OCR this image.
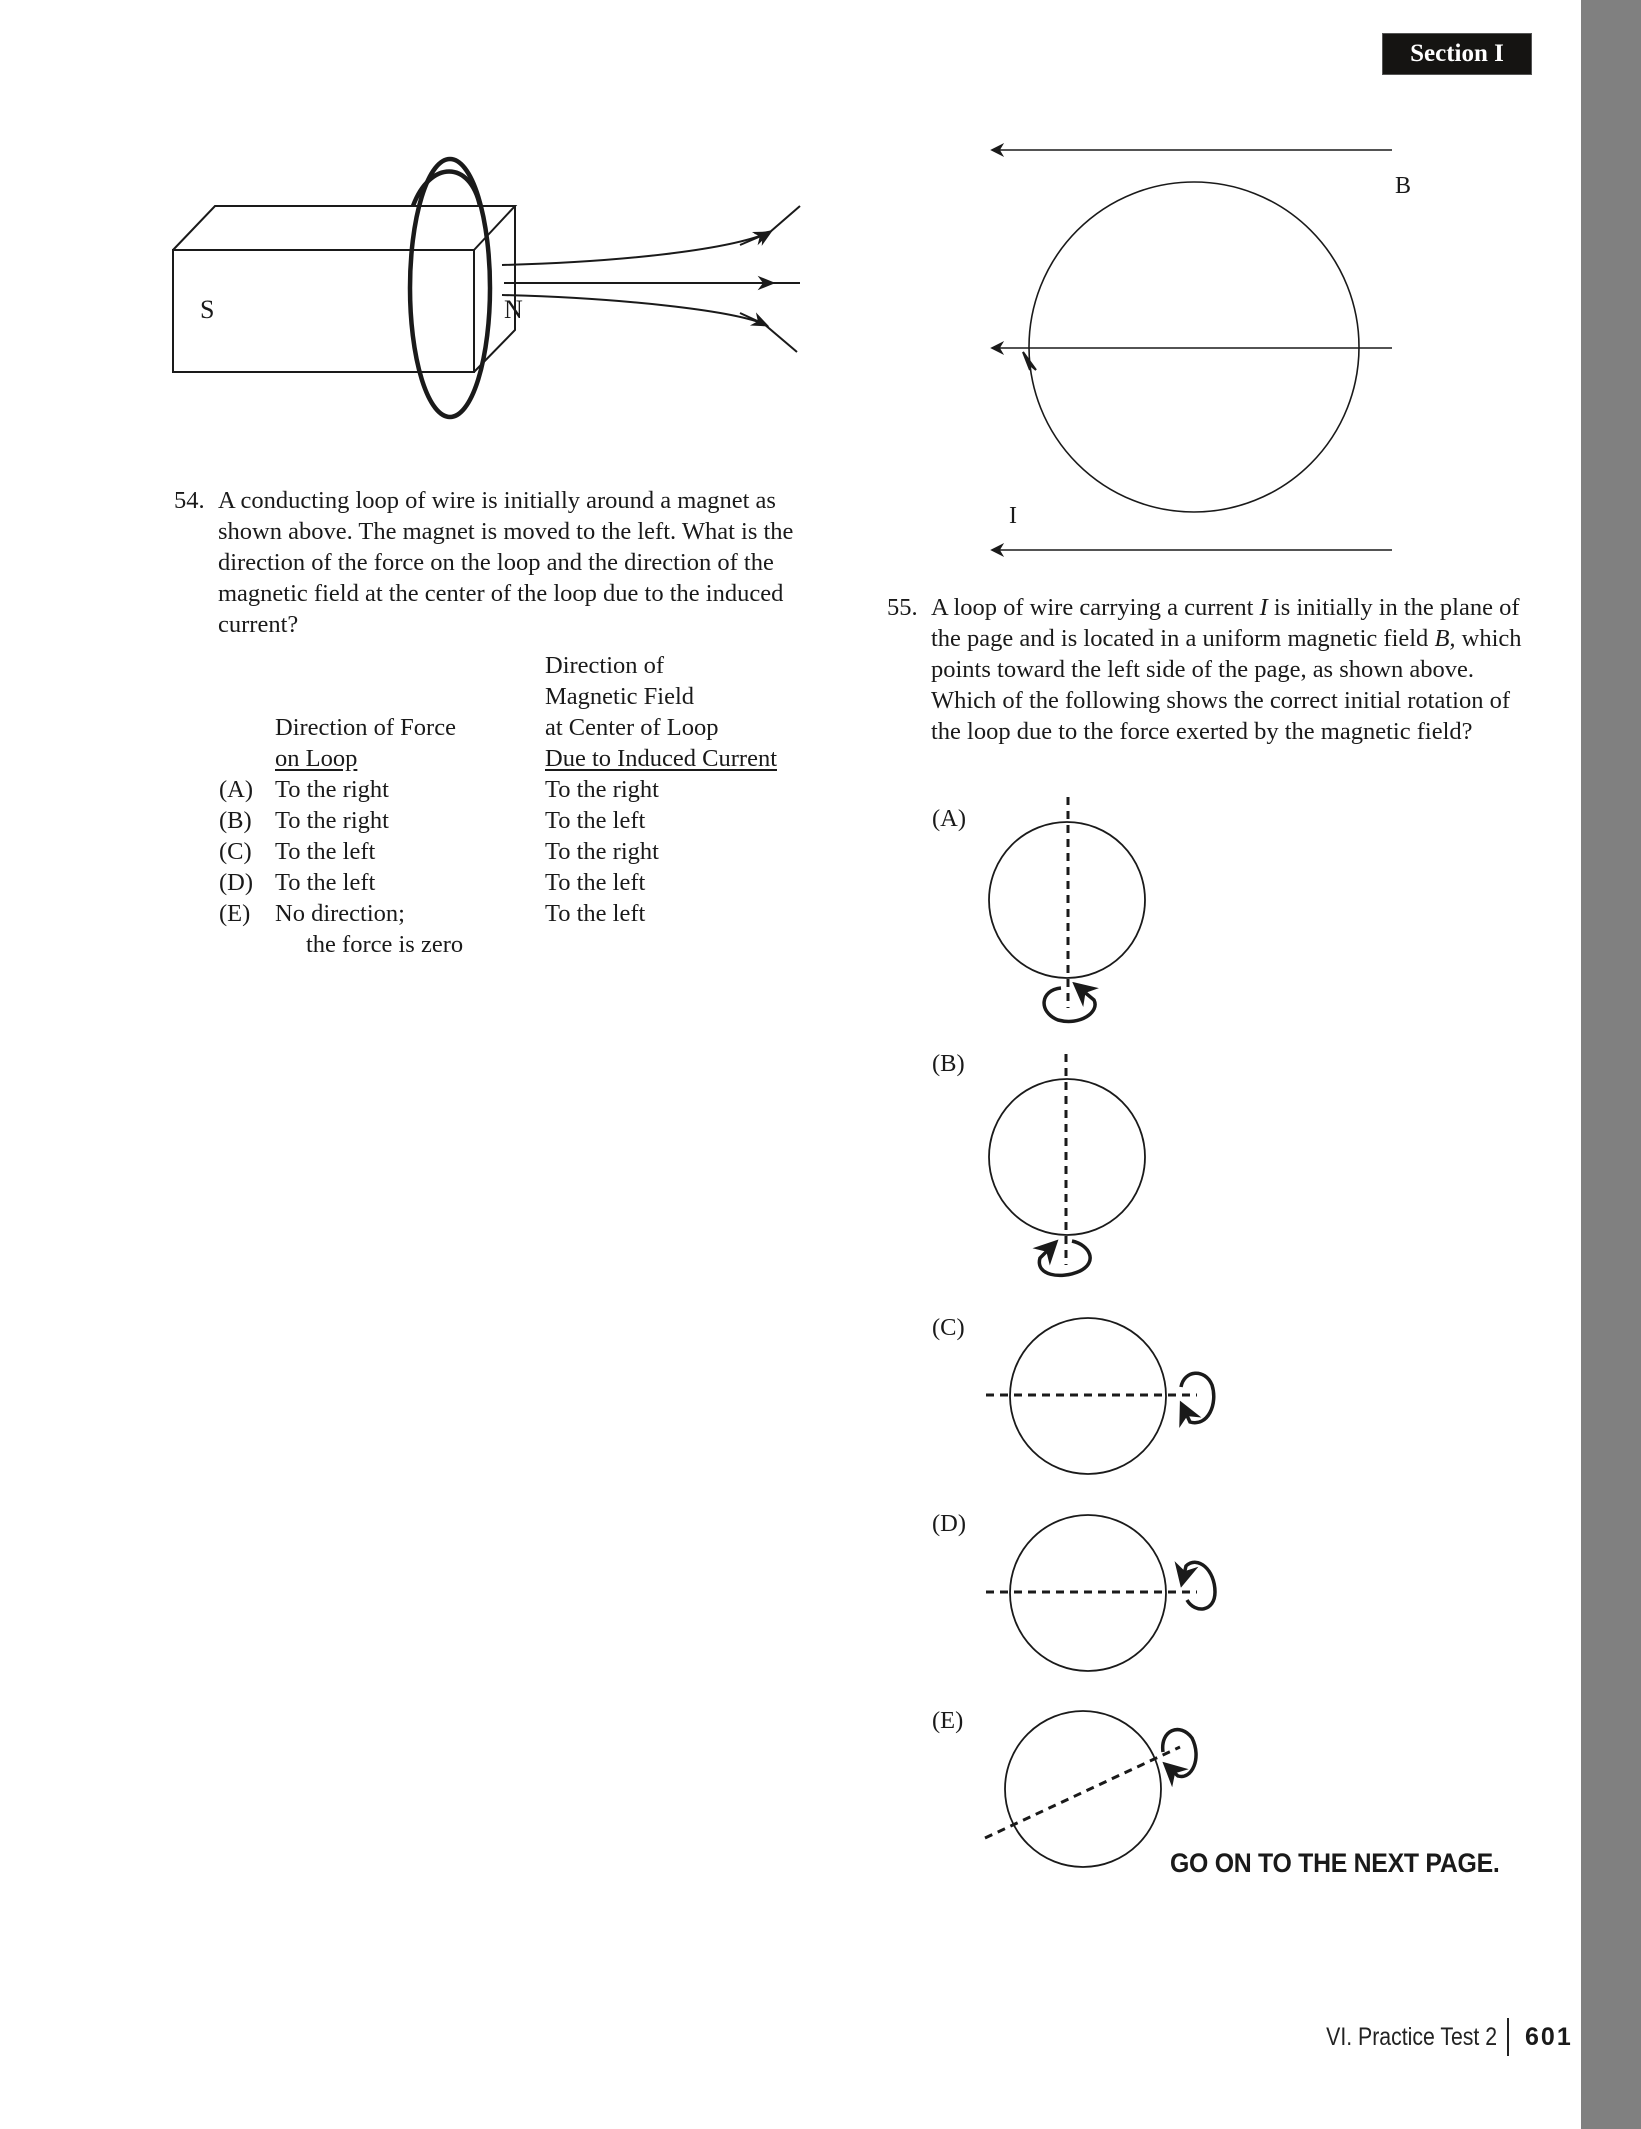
Section I
S	N
B
I
54. A conducting loop of wire is initially around a magnet as shown above. The magnet is moved to the left. What is the direction of the force on the loop and the direction of the magnetic field at the center of the loop due to the induced current?
Direction of
Magnetic Field
Direction of Force	at Center of Loop
on Loop	Due to Induced Current
(A) To the right	To the right
(B) To the right	To the left
(C) To the left	To the right
(D) To the left	To the left
(E) No direction;	To the left
the force is zero
55. A loop of wire carrying a current I is initially in the plane of the page and is located in a uniform magnetic field B, which points toward the left side of the page, as shown above. Which of the following shows the correct initial rotation of the loop due to the force exerted by the magnetic field?
(A)
(B)
(C)
(D)
(E)
GO ON TO THE NEXT PAGE.
VI. Practice Test 2 601
